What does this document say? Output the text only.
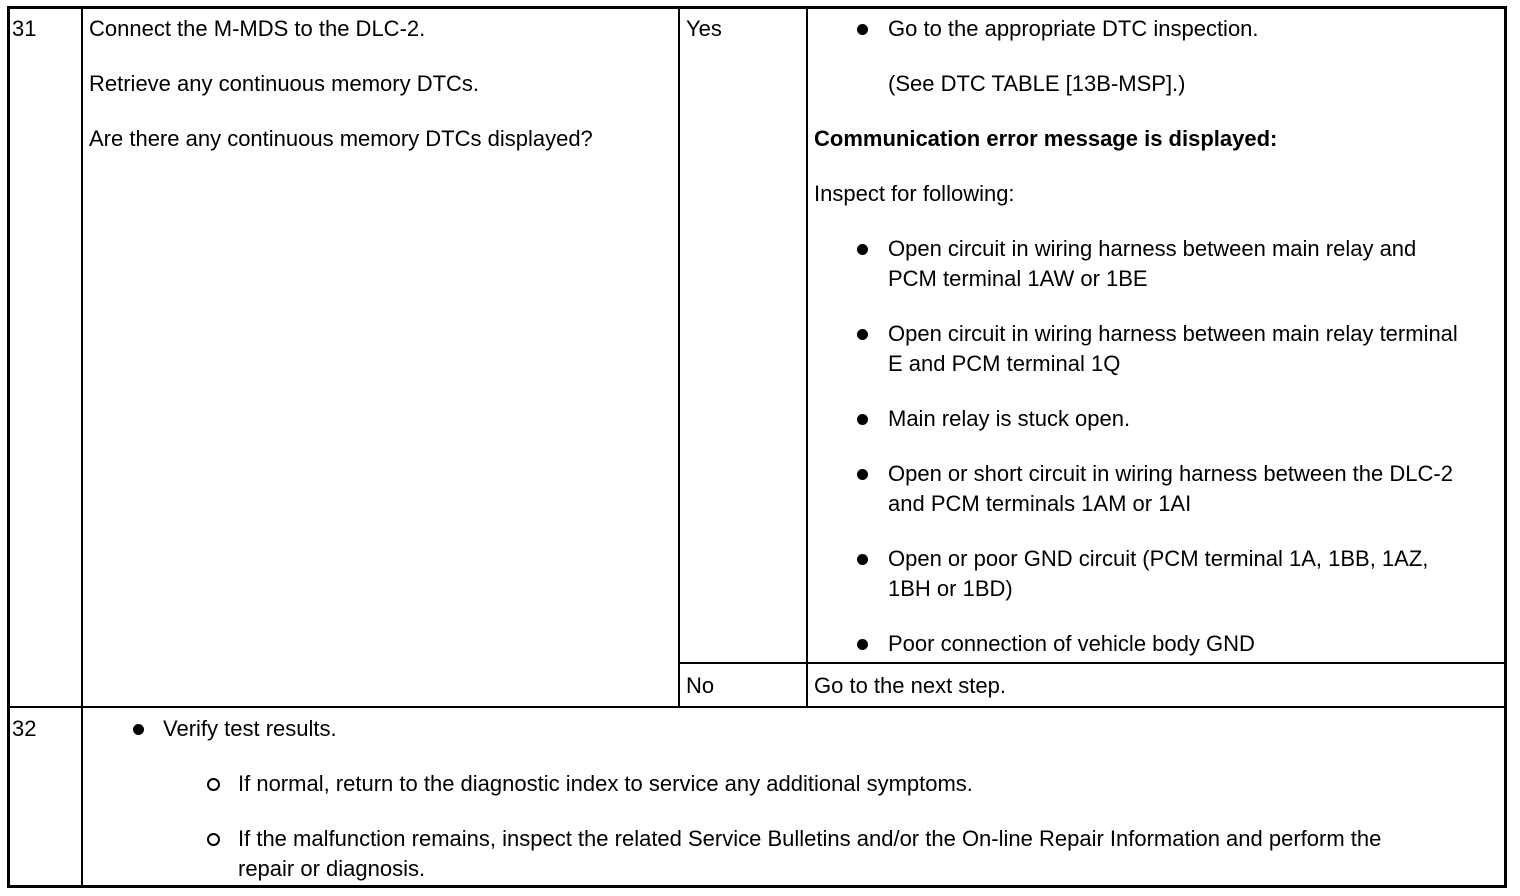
31 Connect the M-MDS to the DLC-2.
Retrieve any continuous memory DTCs.
Are there any continuous memory DTCs displayed?
Yes	Go to the appropriate DTC inspection.
(See DTC TABLE [13B-MSP].)
Communication error message is displayed:
Inspect for following:
Open circuit in wiring harness between main relay and PCM terminal 1AW or 1BE
Open circuit in wiring harness between main relay terminal E and PCM terminal 1Q
Main relay is stuck open.
Open or short circuit in wiring harness between the DLC-2 and PCM terminals 1AM or 1AI
Open or poor GND circuit (PCM terminal 1A, 1BB, 1AZ, 1BH or 1BD)
Poor connection of vehicle body GND
No	Go to the next step.
32	Verify test results.
If normal, return to the diagnostic index to service any additional symptoms.
If the malfunction remains, inspect the related Service Bulletins and/or the On-line Repair Information and perform the repair or diagnosis.
